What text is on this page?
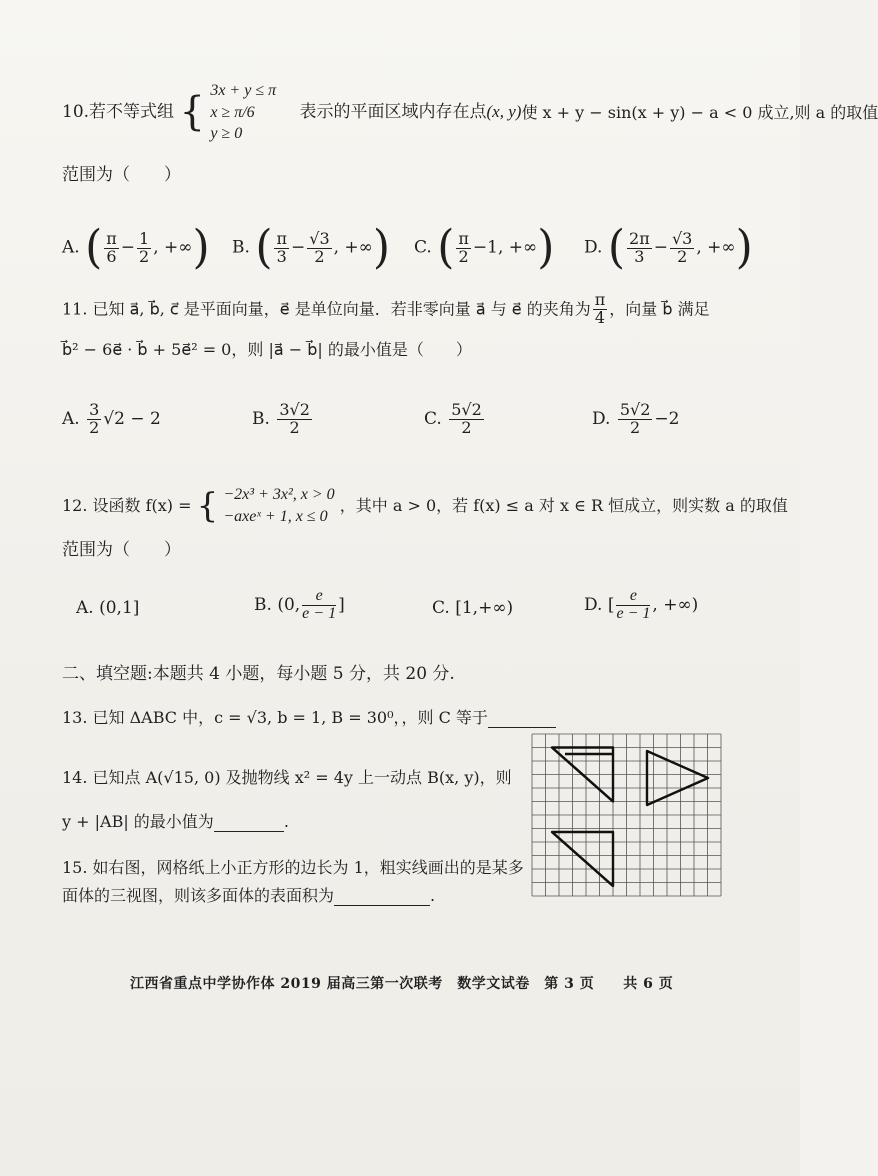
10.若不等式组 { 3x + y ≤ π
x ≥ π/6
y ≥ 0
表示的平面区域内存在点(x, y)使 x + y − sin(x + y) − a < 0 成立,则 a 的取值
范围为（　　）
A. ( $\frac{\pi}{6} - \frac{1}{2}$ , +∞) B. ( $\frac{\pi}{3} - \frac{√3}{2}$ , +∞) C. ( $\frac{\pi}{2} -1$, +∞) D. ( $\frac{2\pi}{3} - \frac{√3}{2}$ , +∞)
11. 已知 a⃗, b⃗, c⃗ 是平面向量，e⃗ 是单位向量．若非零向量 a⃗ 与 e⃗ 的夹角为 $\frac{\pi}{4}$ ，向量 b⃗ 满足
b⃗² − 6e⃗ · b⃗ + 5e⃗² = 0，则 |a⃗ − b⃗| 的最小值是（　　）
A. $\frac{3}{2} √2 - 2$	B. $\frac{3√2}{2}$	C. $\frac{5√2}{2}$	D. $\frac{5√2}{2} -2$
12. 设函数 f(x) = { −2x³ + 3x², x > 0
−axeˣ + 1, x ≤ 0
，其中 a > 0，若 f(x) ≤ a 对 x ∈ R 恒成立，则实数 a 的取值
范围为（　　）
A. (0,1]	B. (0, $\frac{e}{e - 1}$ ]	C. [1,+∞)	D. [ $\frac{e}{e - 1}$ , +∞)
二、填空题:本题共 4 小题，每小题 5 分，共 20 分.
13. 已知 ΔABC 中，c = √3, b = 1, B = 30⁰，，则 C 等于
14. 已知点 A(√15, 0) 及抛物线 x² = 4y 上一动点 B(x, y)，则
y + |AB| 的最小值为	.
15. 如右图，网格纸上小正方形的边长为 1，粗实线画出的是某多
面体的三视图，则该多面体的表面积为	.
江西省重点中学协作体 2019 届高三第一次联考　数学文试卷　第 3 页　　共 6 页
